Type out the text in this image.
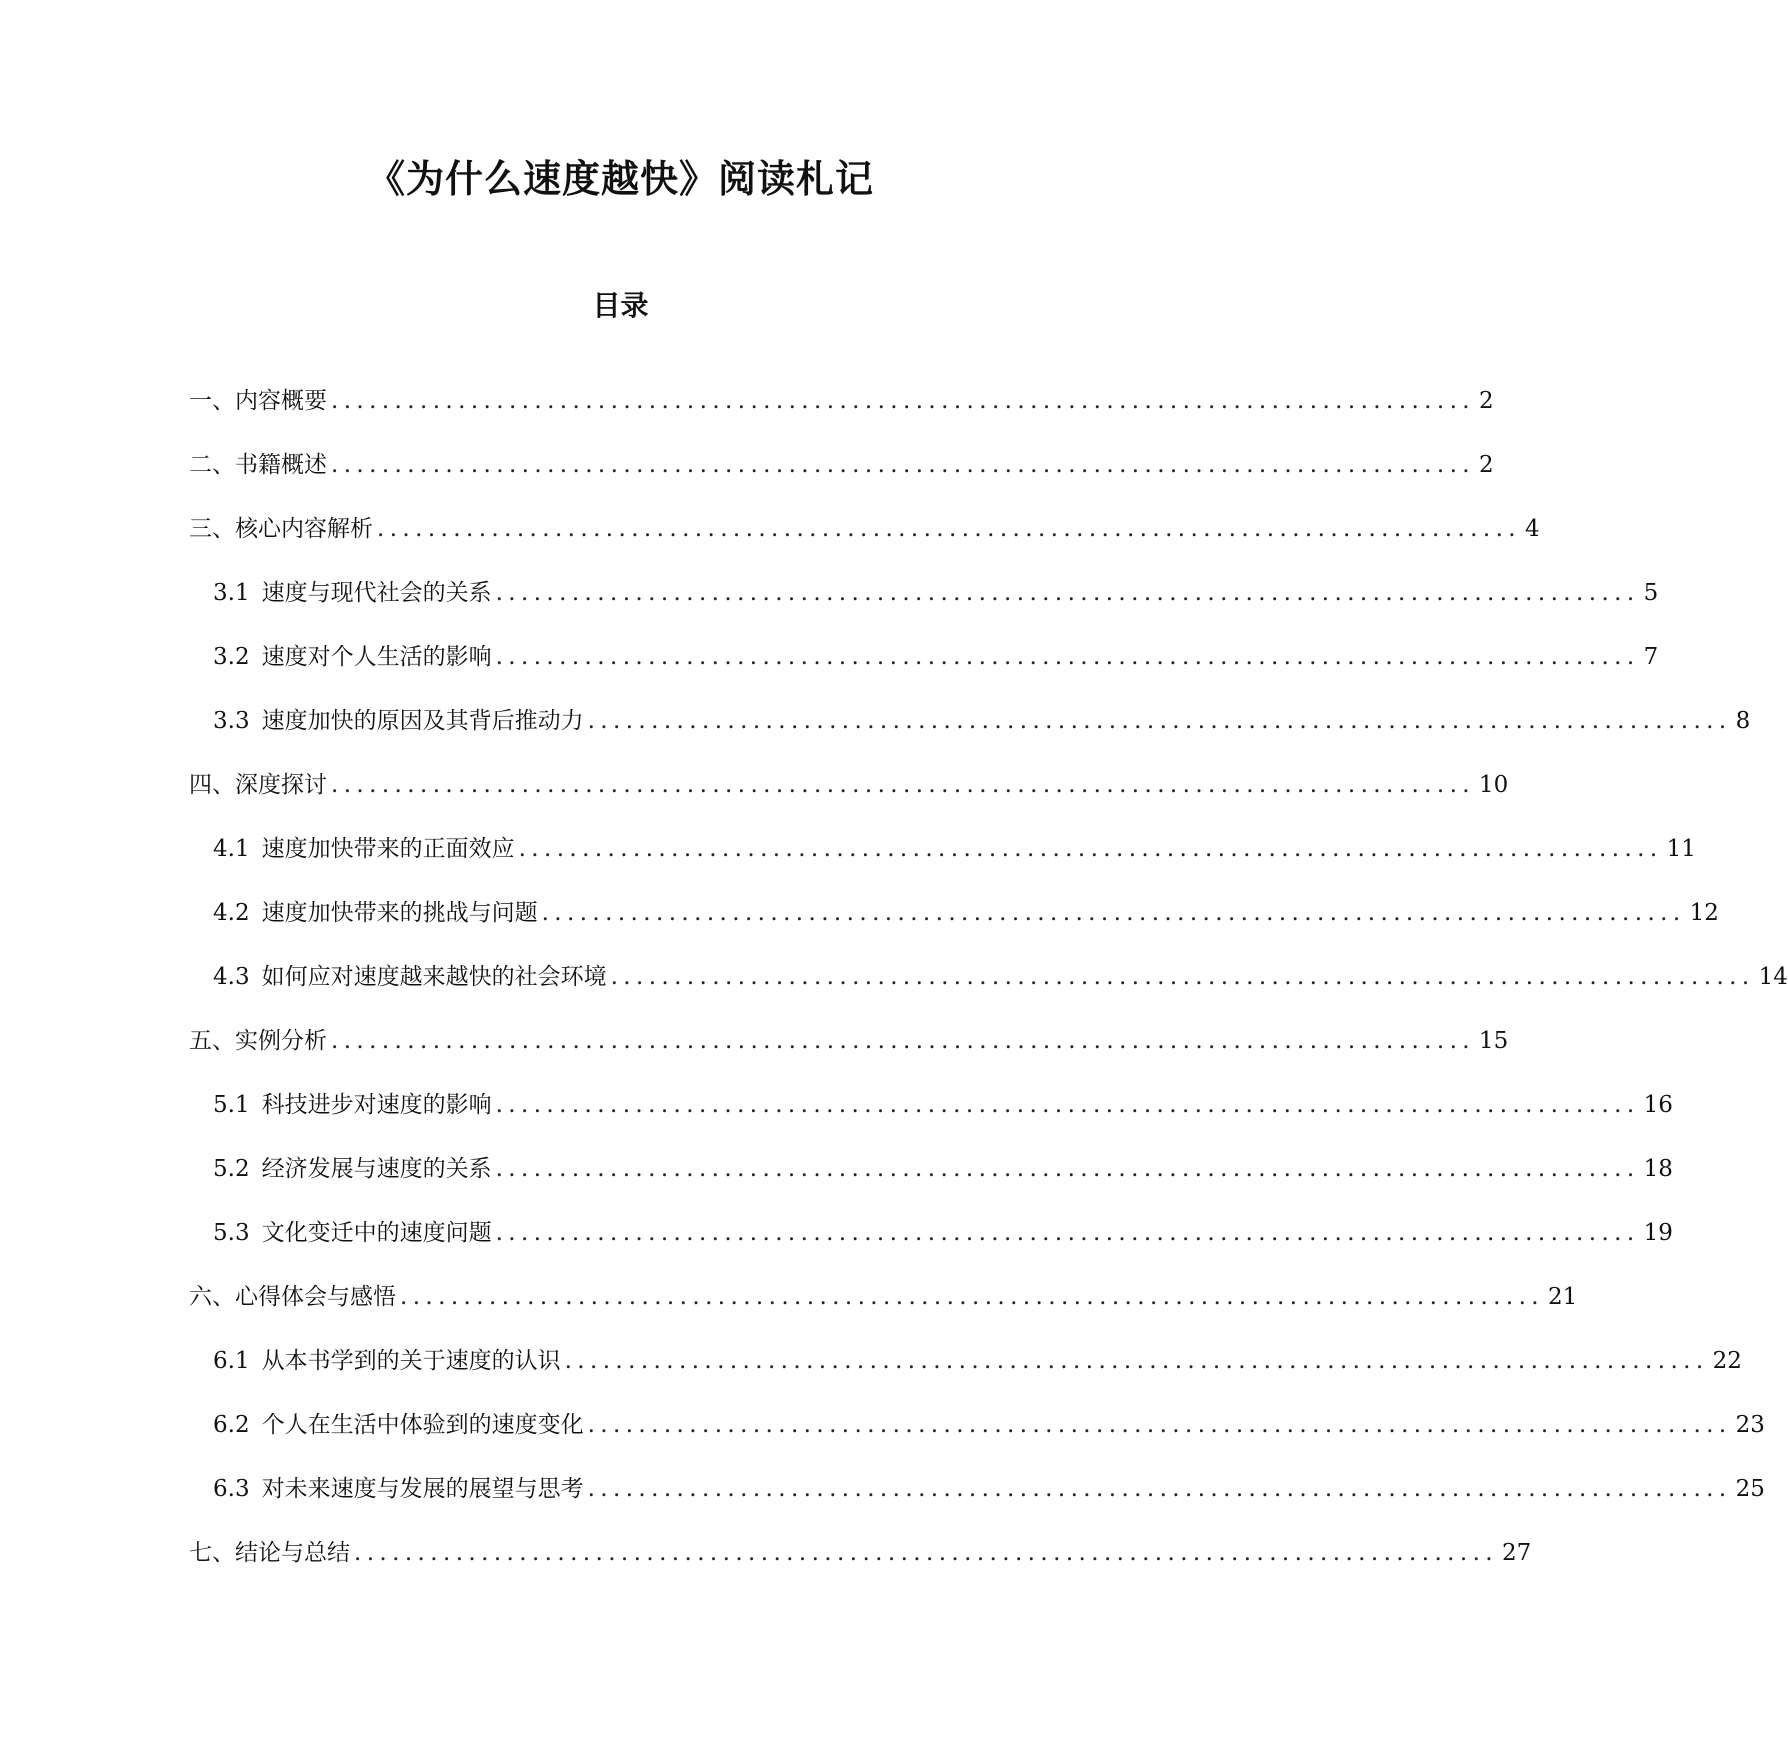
《为什么速度越快》阅读札记
目录
一、内容概要 .......................................................................................... 2
二、书籍概述 .......................................................................................... 2
三、核心内容解析 .......................................................................................... 4
3.1 速度与现代社会的关系 .......................................................................................... 5
3.2 速度对个人生活的影响 .......................................................................................... 7
3.3 速度加快的原因及其背后推动力 .......................................................................................... 8
四、深度探讨 .......................................................................................... 10
4.1 速度加快带来的正面效应 .......................................................................................... 11
4.2 速度加快带来的挑战与问题 .......................................................................................... 12
4.3 如何应对速度越来越快的社会环境 .......................................................................................... 14
五、实例分析 .......................................................................................... 15
5.1 科技进步对速度的影响 .......................................................................................... 16
5.2 经济发展与速度的关系 .......................................................................................... 18
5.3 文化变迁中的速度问题 .......................................................................................... 19
六、心得体会与感悟 .......................................................................................... 21
6.1 从本书学到的关于速度的认识 .......................................................................................... 22
6.2 个人在生活中体验到的速度变化 .......................................................................................... 23
6.3 对未来速度与发展的展望与思考 .......................................................................................... 25
七、结论与总结 .......................................................................................... 27
